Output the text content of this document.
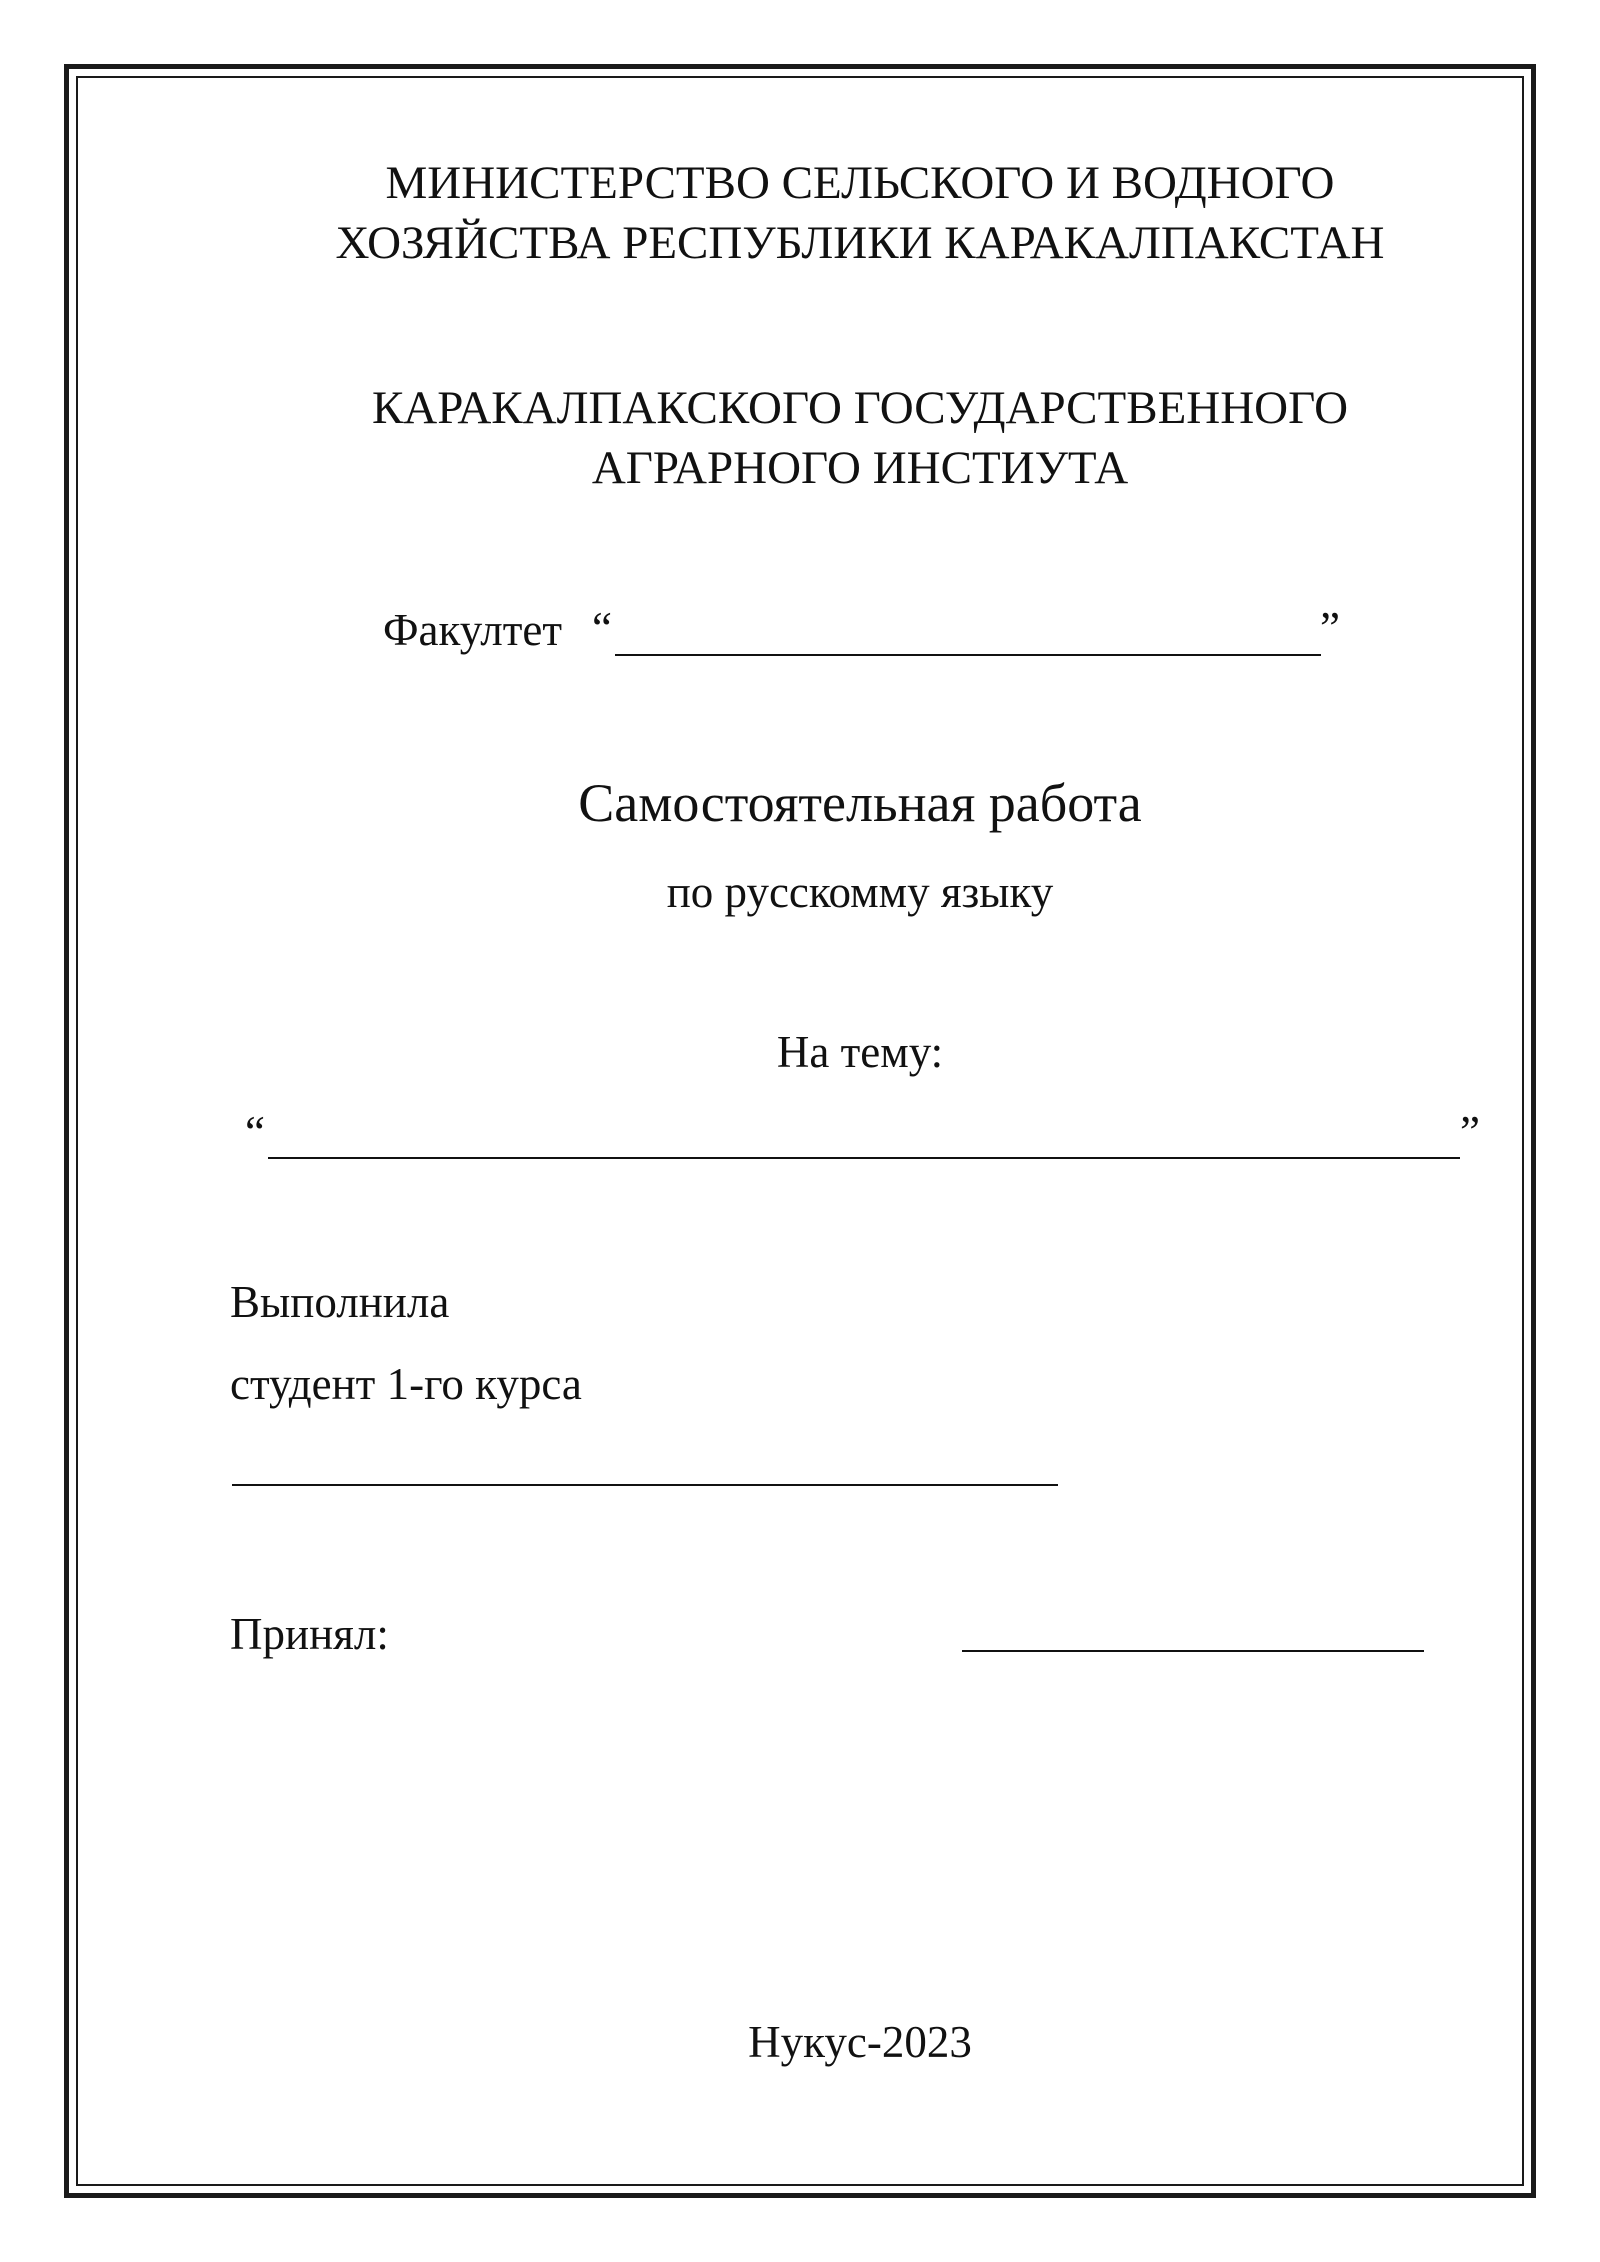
МИНИСТЕРСТВО СЕЛЬСКОГО И ВОДНОГО
ХОЗЯЙСТВА РЕСПУБЛИКИ КАРАКАЛПАКСТАН
КАРАКАЛПАКСКОГО ГОСУДАРСТВЕННОГО
АГРАРНОГО ИНСТИУТА
Факултет “	”
Самостоятельная работа
по русскомму языку
На тему:
“	”
Выполнила
студент 1-го курса
Принял:
Нукус-2023
